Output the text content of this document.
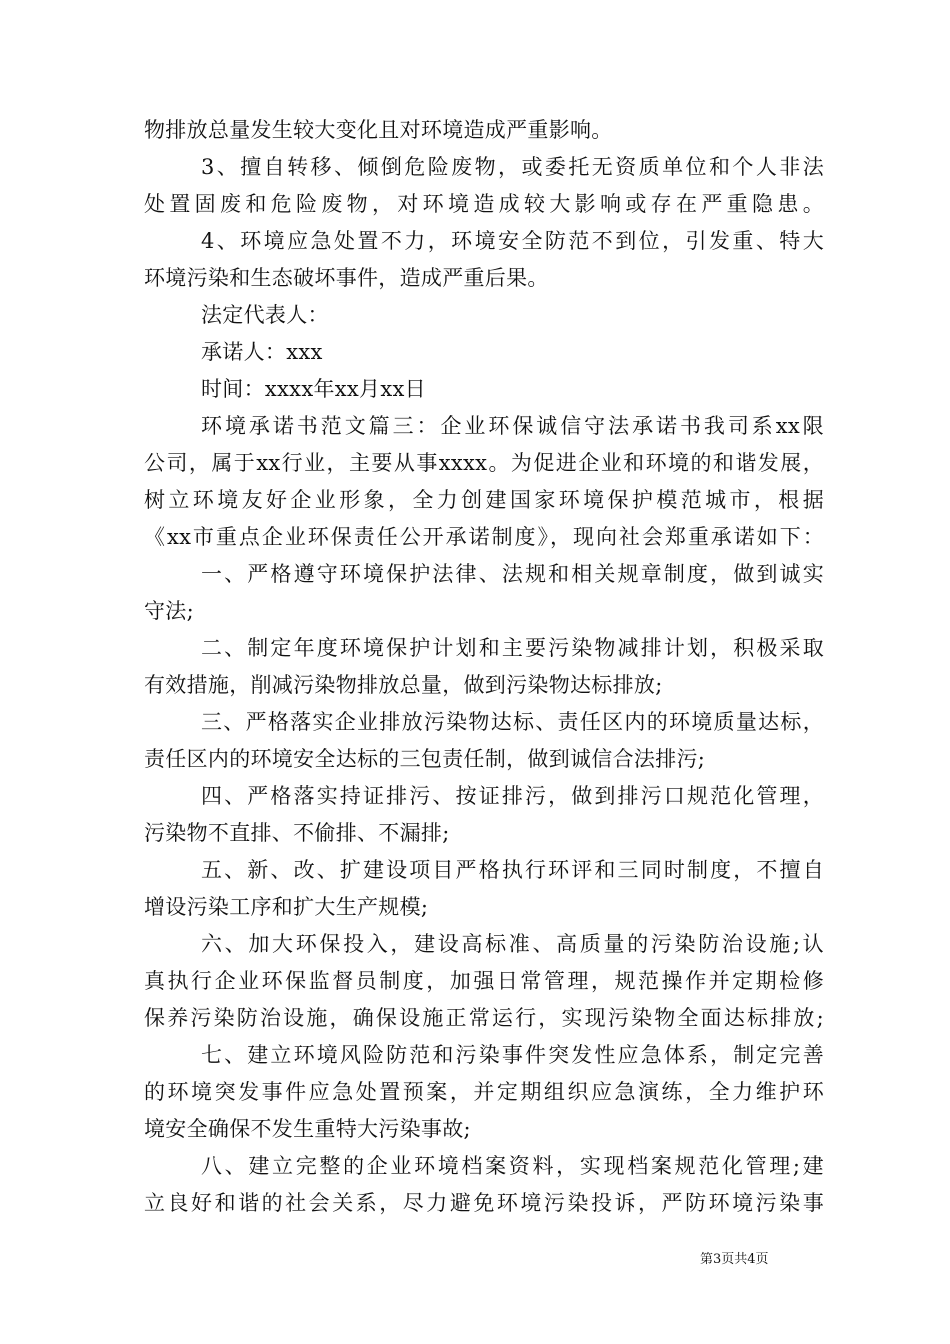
物排放总量发生较大变化且对环境造成严重影响。
3、擅自转移、倾倒危险废物，或委托无资质单位和个人非法
处置固废和危险废物，对环境造成较大影响或存在严重隐患。
4、环境应急处置不力，环境安全防范不到位，引发重、特大
环境污染和生态破坏事件，造成严重后果。
法定代表人：
承诺人：xxx
时间：xxxx年xx月xx日
环境承诺书范文篇三：企业环保诚信守法承诺书我司系xx限
公司，属于xx行业，主要从事xxxx。为促进企业和环境的和谐发展，
树立环境友好企业形象，全力创建国家环境保护模范城市，根据
《xx市重点企业环保责任公开承诺制度》，现向社会郑重承诺如下：
一、严格遵守环境保护法律、法规和相关规章制度，做到诚实
守法;
二、制定年度环境保护计划和主要污染物减排计划，积极采取
有效措施，削减污染物排放总量，做到污染物达标排放;
三、严格落实企业排放污染物达标、责任区内的环境质量达标，
责任区内的环境安全达标的三包责任制，做到诚信合法排污;
四、严格落实持证排污、按证排污，做到排污口规范化管理，
污染物不直排、不偷排、不漏排;
五、新、改、扩建设项目严格执行环评和三同时制度，不擅自
增设污染工序和扩大生产规模;
六、加大环保投入，建设高标准、高质量的污染防治设施;认
真执行企业环保监督员制度，加强日常管理，规范操作并定期检修
保养污染防治设施，确保设施正常运行，实现污染物全面达标排放;
七、建立环境风险防范和污染事件突发性应急体系，制定完善
的环境突发事件应急处置预案，并定期组织应急演练，全力维护环
境安全确保不发生重特大污染事故;
八、建立完整的企业环境档案资料，实现档案规范化管理;建
立良好和谐的社会关系，尽力避免环境污染投诉，严防环境污染事
第3页共4页
